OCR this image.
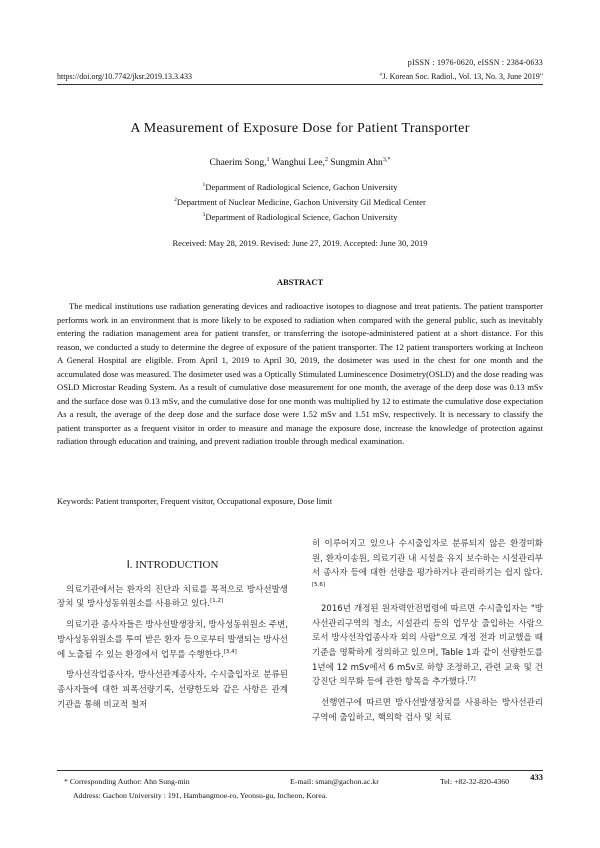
pISSN : 1976-0620, eISSN : 2384-0633
https://doi.org/10.7742/jksr.2019.13.3.433	"J. Korean Soc. Radiol., Vol. 13, No. 3, June 2019"
A Measurement of Exposure Dose for Patient Transporter
Chaerim Song,$^1$ Wanghui Lee,$^2$ Sungmin Ahn$^{3,*}$
$^1$Department of Radiological Science, Gachon University
$^2$Department of Nuclear Medicine, Gachon University Gil Medical Center
$^3$Department of Radiological Science, Gachon University
Received: May 28, 2019. Revised: June 27, 2019. Accepted: June 30, 2019
ABSTRACT

The medical institutions use radiation generating devices and radioactive isotopes to diagnose and treat patients. The patient transporter performs work in an environment that is more likely to be exposed to radiation when compared with the general public, such as inevitably entering the radiation management area for patient transfer, or transferring the isotope-administered patient at a short distance. For this reason, we conducted a study to determine the degree of exposure of the patient transporter. The 12 patient transporters working at Incheon A General Hospital are eligible. From April 1, 2019 to April 30, 2019, the dosimeter was used in the chest for one month and the accumulated dose was measured. The dosimeter used was a Optically Stimulated Luminescence Dosimetry(OSLD) and the dose reading was OSLD Microstar Reading System. As a result of cumulative dose measurement for one month, the average of the deep dose was 0.13 mSv and the surface dose was 0.13 mSv, and the cumulative dose for one month was multiplied by 12 to estimate the cumulative dose expectation As a result, the average of the deep dose and the surface dose were 1.52 mSv and 1.51 mSv, respectively. It is necessary to classify the patient transporter as a frequent visitor in order to measure and manage the exposure dose, increase the knowledge of protection against radiation through education and training, and prevent radiation trouble through medical examination.

Keywords: Patient transporter, Frequent visitor, Occupational exposure, Dose limit

Ⅰ. INTRODUCTION

의료기관에서는 환자의 진단과 치료를 목적으로 방사선발생장치 및 방사성동위원소를 사용하고 있다.[1,2]

의료기관 종사자들은 방사선발생장치, 방사성동위원소 주변, 방사성동위원소를 투여 받은 환자 등으로부터 발생되는 방사선에 노출될 수 있는 환경에서 업무를 수행한다.[3,4]

방사선작업종사자, 방사선관계종사자, 수시출입자로 분류된 종사자들에 대한 피폭선량기록, 선량한도와 같은 사항은 관계 기관을 통해 비교적 철저

히 이루어지고 있으나 수시출입자로 분류되지 않은 환경미화원, 환자이송원, 의료기관 내 시설을 유지 보수하는 시설관리부서 종사자 등에 대한 선량을 평가하거나 관리하기는 쉽지 않다.[5,6]

2016년 개정된 원자력안전법령에 따르면 수시출입자는 "방사선관리구역의 청소, 시설관리 등의 업무상 출입하는 사람으로서 방사선작업종사자 외의 사람"으로 개정 전과 비교했을 때 기준을 명확하게 정의하고 있으며, Table 1과 같이 선량한도를 1년에 12 mSv에서 6 mSv로 하향 조정하고, 관련 교육 및 건강진단 의무화 등에 관한 항목을 추가했다.[7]

선행연구에 따르면 방사선발생장치를 사용하는 방사선관리구역에 출입하고, 핵의학 검사 및 치료

433
* Corresponding Author: Ahn Sung-min	E-mail: sman@gachon.ac.kr	Tel: +82-32-820-4360
Address: Gachon University : 191, Hambangmoe-ro, Yeonsu-gu, Incheon, Korea.
